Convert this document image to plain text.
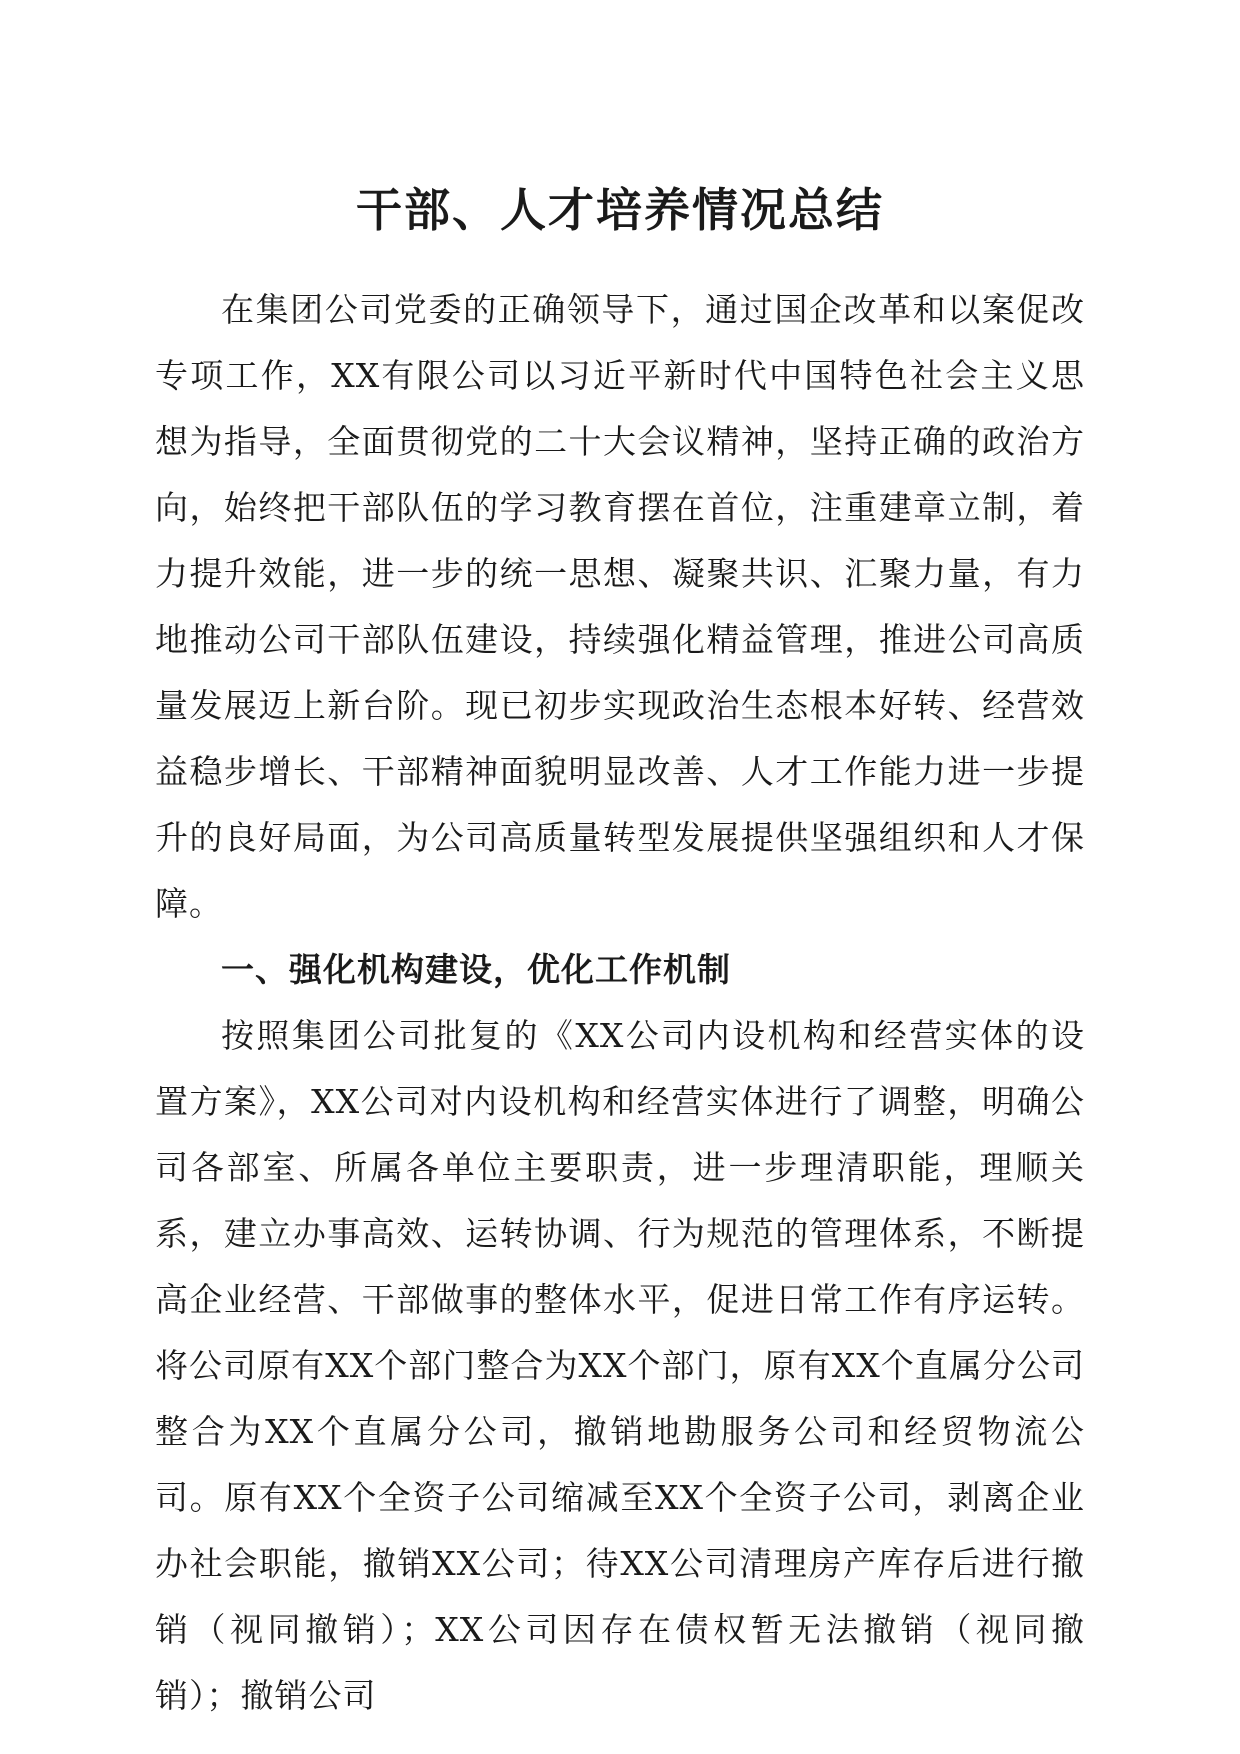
干部、人才培养情况总结

在集团公司党委的正确领导下，通过国企改革和以案促改专项工作，XX有限公司以习近平新时代中国特色社会主义思想为指导，全面贯彻党的二十大会议精神，坚持正确的政治方向，始终把干部队伍的学习教育摆在首位，注重建章立制，着力提升效能，进一步的统一思想、凝聚共识、汇聚力量，有力地推动公司干部队伍建设，持续强化精益管理，推进公司高质量发展迈上新台阶。现已初步实现政治生态根本好转、经营效益稳步增长、干部精神面貌明显改善、人才工作能力进一步提升的良好局面，为公司高质量转型发展提供坚强组织和人才保障。

一、强化机构建设，优化工作机制

按照集团公司批复的《XX公司内设机构和经营实体的设置方案》，XX公司对内设机构和经营实体进行了调整，明确公司各部室、所属各单位主要职责，进一步理清职能，理顺关系，建立办事高效、运转协调、行为规范的管理体系，不断提高企业经营、干部做事的整体水平，促进日常工作有序运转。将公司原有XX个部门整合为XX个部门，原有XX个直属分公司整合为XX个直属分公司，撤销地勘服务公司和经贸物流公司。原有XX个全资子公司缩减至XX个全资子公司，剥离企业办社会职能，撤销XX公司；待XX公司清理房产库存后进行撤销（视同撤销）；XX公司因存在债权暂无法撤销（视同撤销）；撤销公司
